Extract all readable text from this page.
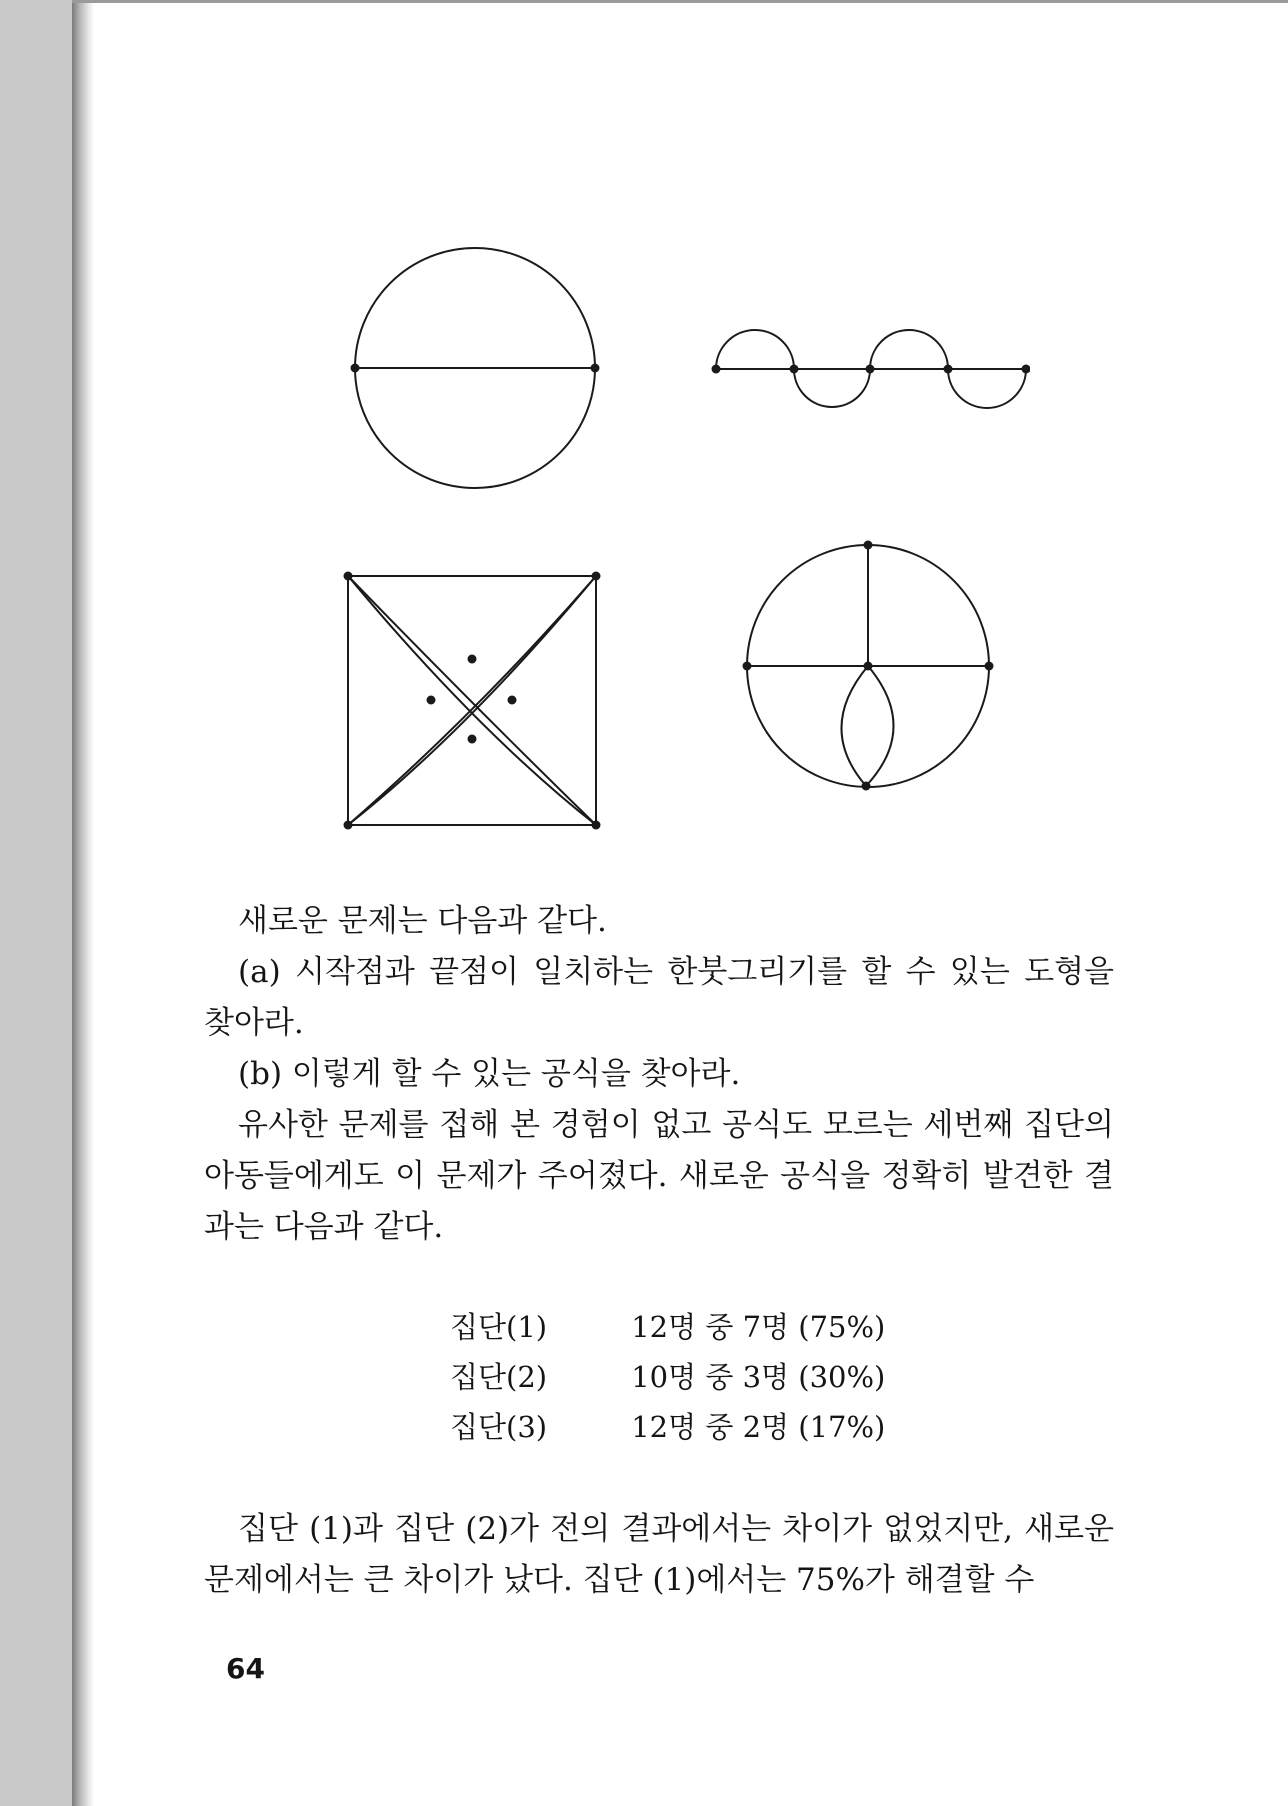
새로운 문제는 다음과 같다.

(a) 시작점과 끝점이 일치하는 한붓그리기를 할 수 있는 도형을 찾아라.

(b) 이렇게 할 수 있는 공식을 찾아라.

유사한 문제를 접해 본 경험이 없고 공식도 모르는 세번째 집단의 아동들에게도 이 문제가 주어졌다. 새로운 공식을 정확히 발견한 결과는 다음과 같다.

집단(1)	12명 중 7명 (75%)
집단(2)	10명 중 3명 (30%)
집단(3)	12명 중 2명 (17%)

집단 (1)과 집단 (2)가 전의 결과에서는 차이가 없었지만, 새로운 문제에서는 큰 차이가 났다. 집단 (1)에서는 75%가 해결할 수

64
